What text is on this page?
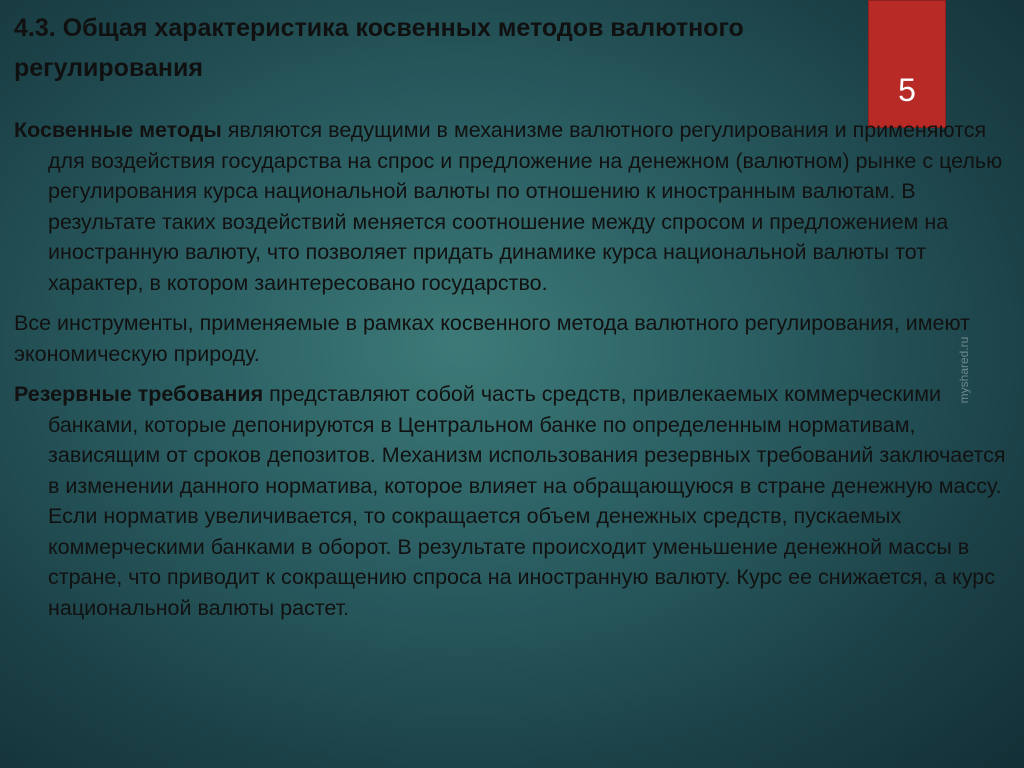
4.3. Общая характеристика косвенных методов валютного регулирования
5
myshared.ru

Косвенные методы являются ведущими в механизме валютного регулирования и применяются для воздействия государства на спрос и предложение на денежном (валютном) рынке с целью регулирования курса национальной валюты по отношению к иностранным валютам. В результате таких воздействий меняется соотношение между спросом и предложением на иностранную валюту, что позволяет придать динамике курса национальной валюты тот характер, в котором заинтересовано государство.

Все инструменты, применяемые в рамках косвенного метода валютного регулирования, имеют экономическую природу.

Резервные требования представляют собой часть средств, привлекаемых коммерческими банками, которые депонируются в Центральном банке по определенным нормативам, зависящим от сроков депозитов. Механизм использования резервных требований заключается в изменении данного норматива, которое влияет на обращающуюся в стране денежную массу. Если норматив увеличивается, то сокращается объем денежных средств, пускаемых коммерческими банками в оборот. В результате происходит уменьшение денежной массы в стране, что приводит к сокращению спроса на иностранную валюту. Курс ее снижается, а курс национальной валюты растет.
